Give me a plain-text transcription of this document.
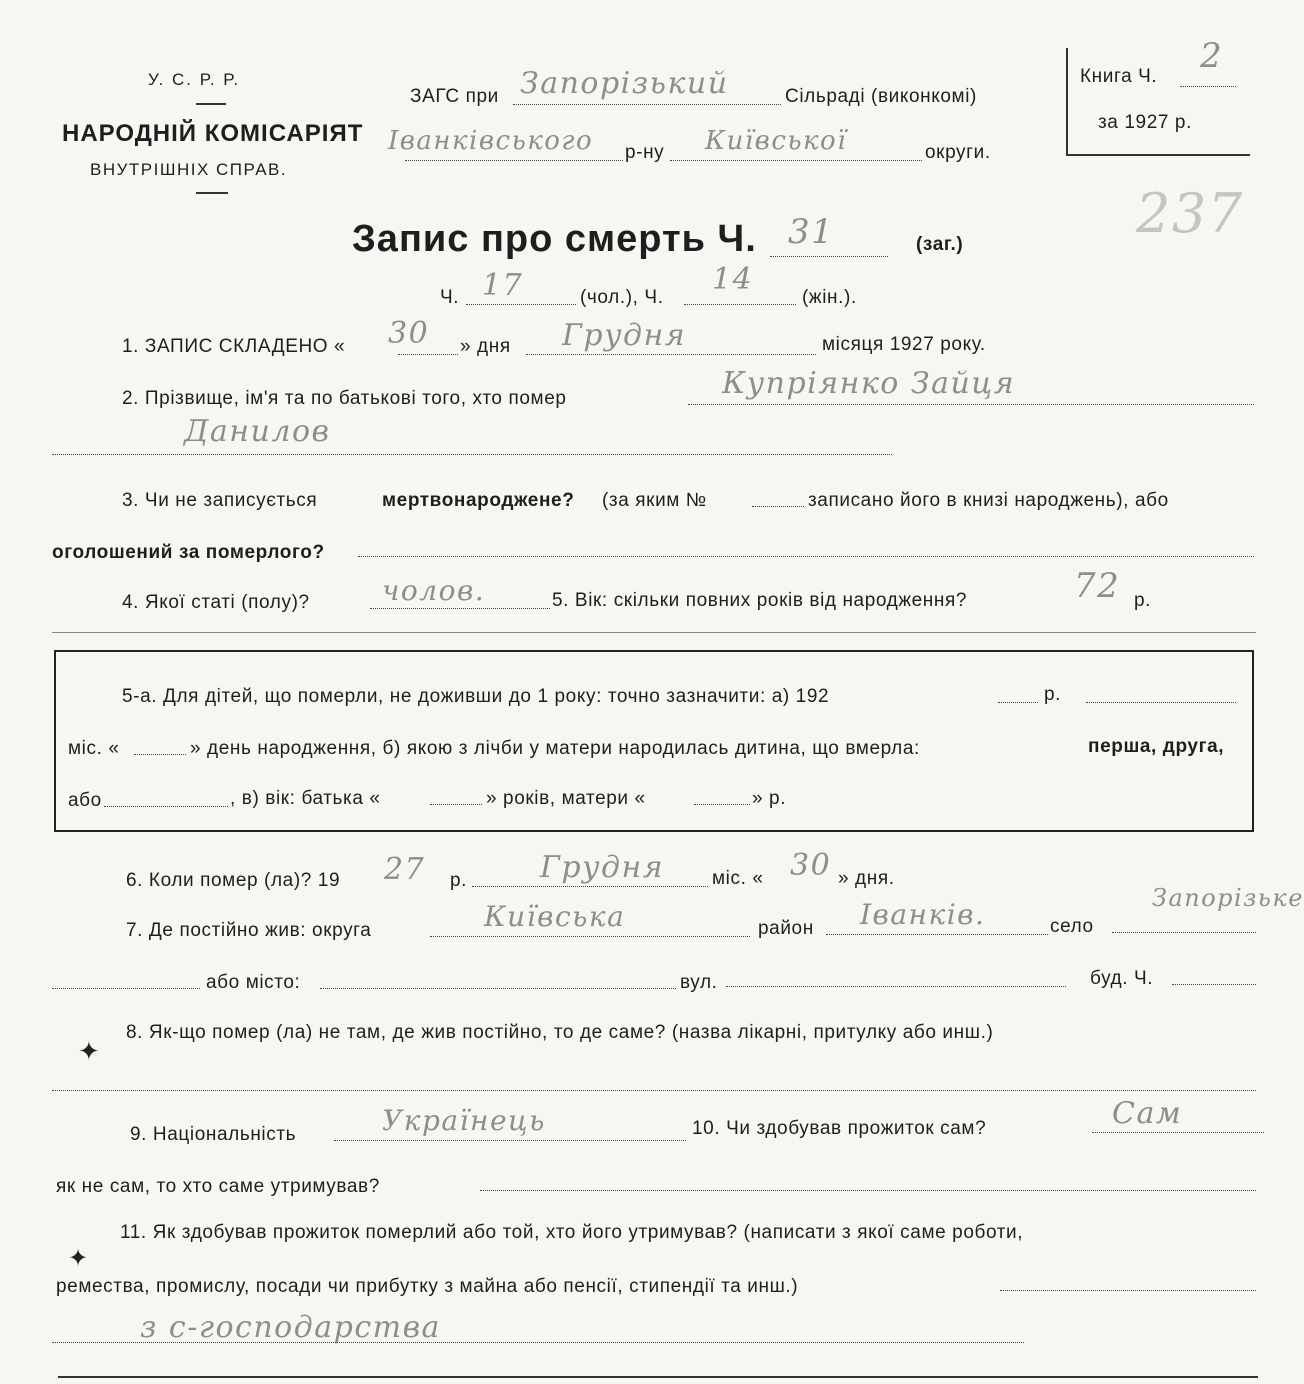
У. С. Р. Р.
НАРОДНІЙ КОМІСАРІЯТ
ВНУТРІШНІХ СПРАВ.
ЗАГС при Запорізький	Сільраді (виконкомі)
Іванківського р-ну Київської	округи.
Книга Ч.
2
за 1927 р.
237
Запис про смерть Ч. 31	(заг.)
Ч. 17	(чол.), Ч.
14
(жін.).
1. ЗАПИС СКЛАДЕНО « 30 » дня Грудня	місяця 1927 року.
2. Прізвище, ім'я та по батькові того, хто помер	Купріянко Зайця
Данилов
3. Чи не записується	мертвонароджене? (за яким №	записано його в книзі народжень), або
оголошений за померлого?
4. Якої статі (полу)?	чолов.	5. Вік: скільки повних років від народження?	72 р.
5-а. Для дітей, що померли, не доживши до 1 року: точно зазначити: а) 192	р.
міс. «	» день народження, б) якою з лічби у матери народилась дитина, що вмерла:	перша, друга,
або	, в) вік: батька «	» років, матери «	» р.
6. Коли помер (ла)? 19 27 р. Грудня	міс. « 30 » дня.
7. Де постійно жив: округа	Київська	район Іванків.	село
Запорізьке
або місто:	вул.	буд. Ч.
✦
8. Як-що помер (ла) не там, де жив постійно, то де саме? (назва лікарні, притулку або инш.)
9. Національність	Українець	10. Чи здобував прожиток сам?	Сам
як не сам, то хто саме утримував?
✦
11. Як здобував прожиток померлий або той, хто його утримував? (написати з якої саме роботи,
ремества, промислу, посади чи прибутку з майна або пенсії, стипендії та инш.)
з с-господарства
